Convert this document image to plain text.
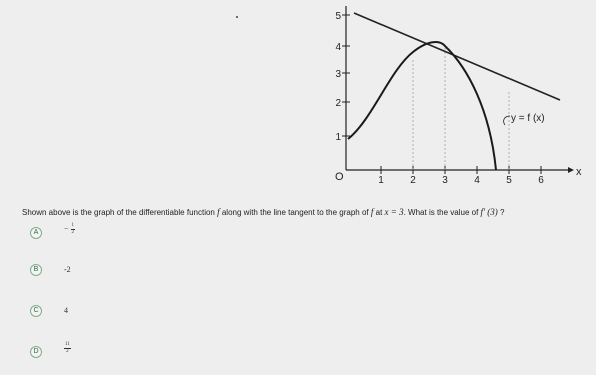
1
2
3
4
5
1	2	3	4	5	6
O	x
y = f (x)
Shown above is the graph of the differentiable function f along with the line tangent to the graph of f at x = 3. What is the value of f′ (3) ?
A	− $\frac{1}{2}$
B	-2
C	4
D	$\frac{11}{2}$
